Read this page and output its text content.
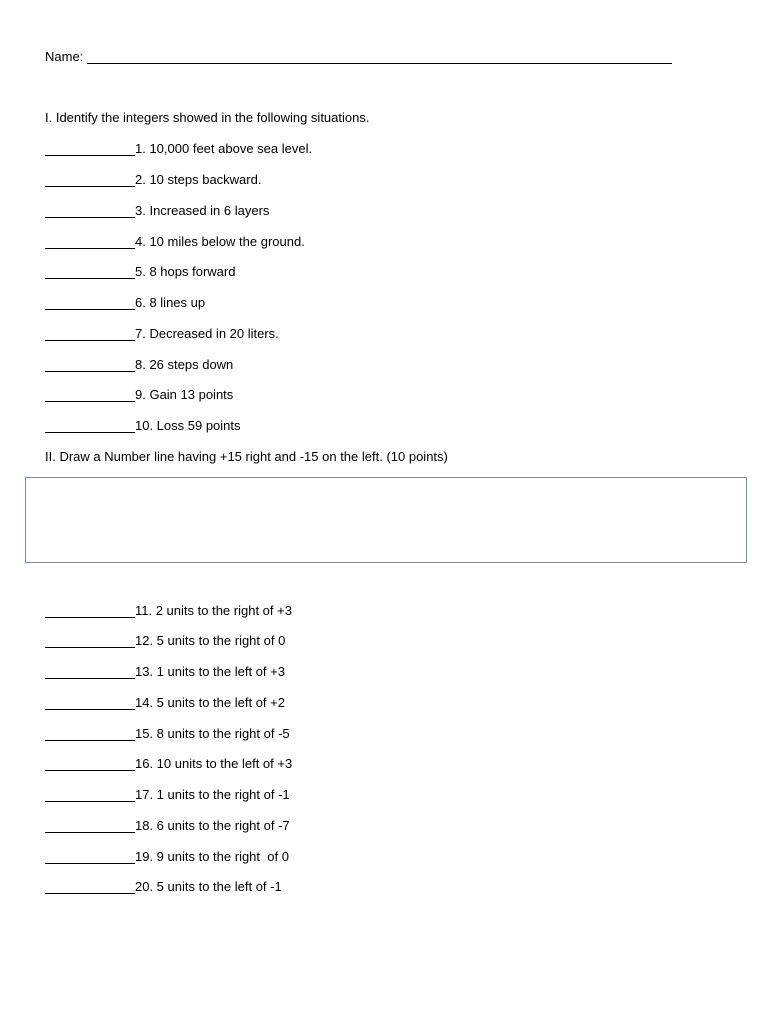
Name:
I. Identify the integers showed in the following situations.
1. 10,000 feet above sea level.
2. 10 steps backward.
3. Increased in 6 layers
4. 10 miles below the ground.
5. 8 hops forward
6. 8 lines up
7. Decreased in 20 liters.
8. 26 steps down
9. Gain 13 points
10. Loss 59 points
II. Draw a Number line having +15 right and -15 on the left. (10 points)
11. 2 units to the right of +3
12. 5 units to the right of 0
13. 1 units to the left of +3
14. 5 units to the left of +2
15. 8 units to the right of -5
16. 10 units to the left of +3
17. 1 units to the right of -1
18. 6 units to the right of -7
19. 9 units to the right  of 0
20. 5 units to the left of -1
